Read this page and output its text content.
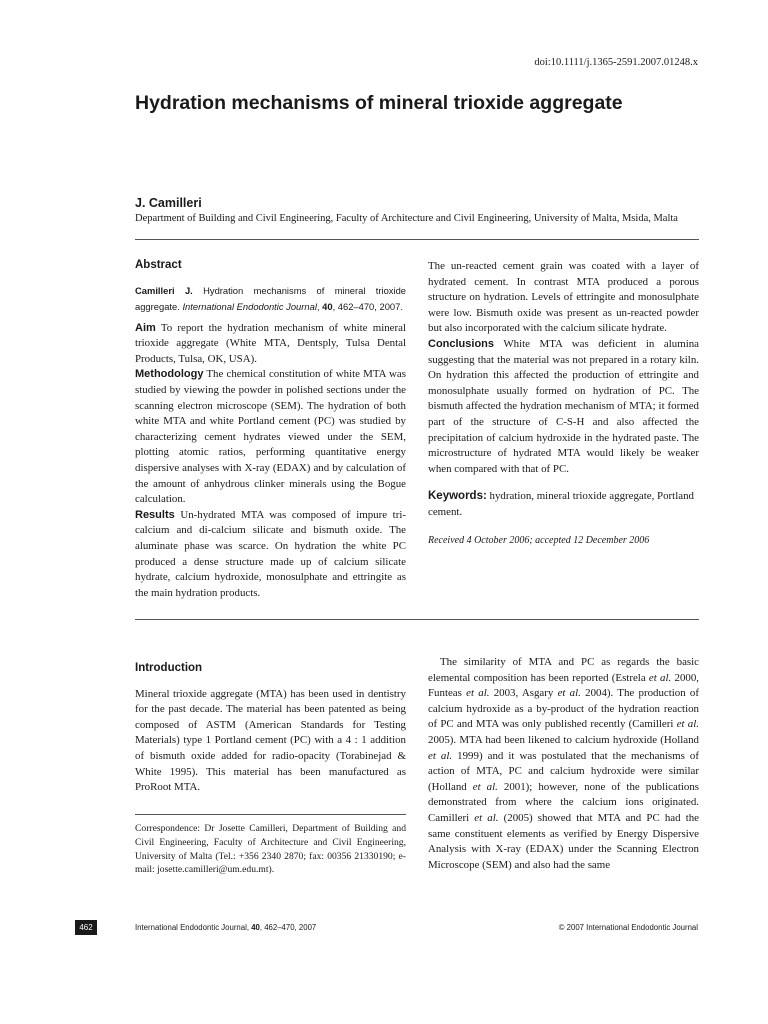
doi:10.1111/j.1365-2591.2007.01248.x
Hydration mechanisms of mineral trioxide aggregate
J. Camilleri
Department of Building and Civil Engineering, Faculty of Architecture and Civil Engineering, University of Malta, Msida, Malta
Abstract

Camilleri J. Hydration mechanisms of mineral trioxide aggregate. International Endodontic Journal, 40, 462–470, 2007.

Aim To report the hydration mechanism of white mineral trioxide aggregate (White MTA, Dentsply, Tulsa Dental Products, Tulsa, OK, USA).

Methodology The chemical constitution of white MTA was studied by viewing the powder in polished sections under the scanning electron microscope (SEM). The hydration of both white MTA and white Portland cement (PC) was studied by characterizing cement hydrates viewed under the SEM, plotting atomic ratios, performing quantitative energy dispersive analyses with X-ray (EDAX) and by calculation of the amount of anhydrous clinker minerals using the Bogue calculation.

Results Un-hydrated MTA was composed of impure tri-calcium and di-calcium silicate and bismuth oxide. The aluminate phase was scarce. On hydration the white PC produced a dense structure made up of calcium silicate hydrate, calcium hydroxide, monosulphate and ettringite as the main hydration products.

The un-reacted cement grain was coated with a layer of hydrated cement. In contrast MTA produced a porous structure on hydration. Levels of ettringite and monosulphate were low. Bismuth oxide was present as un-reacted powder but also incorporated with the calcium silicate hydrate.

Conclusions White MTA was deficient in alumina suggesting that the material was not prepared in a rotary kiln. On hydration this affected the production of ettringite and monosulphate usually formed on hydration of PC. The bismuth affected the hydration mechanism of MTA; it formed part of the structure of C-S-H and also affected the precipitation of calcium hydroxide in the hydrated paste. The microstructure of hydrated MTA would likely be weaker when compared with that of PC.

Keywords: hydration, mineral trioxide aggregate, Portland cement.

Received 4 October 2006; accepted 12 December 2006

Introduction

Mineral trioxide aggregate (MTA) has been used in dentistry for the past decade. The material has been patented as being composed of ASTM (American Standards for Testing Materials) type 1 Portland cement (PC) with a 4 : 1 addition of bismuth oxide added for radio-opacity (Torabinejad & White 1995). This material has been manufactured as ProRoot MTA.

Correspondence: Dr Josette Camilleri, Department of Building and Civil Engineering, Faculty of Architecture and Civil Engineering, University of Malta (Tel.: +356 2340 2870; fax: 00356 21330190; e-mail: josette.camilleri@um.edu.mt).

The similarity of MTA and PC as regards the basic elemental composition has been reported (Estrela et al. 2000, Funteas et al. 2003, Asgary et al. 2004). The production of calcium hydroxide as a by-product of the hydration reaction of PC and MTA was only published recently (Camilleri et al. 2005). MTA had been likened to calcium hydroxide (Holland et al. 1999) and it was postulated that the mechanisms of action of MTA, PC and calcium hydroxide were similar (Holland et al. 2001); however, none of the publications demonstrated from where the calcium ions originated. Camilleri et al. (2005) showed that MTA and PC had the same constituent elements as verified by Energy Dispersive Analysis with X-ray (EDAX) under the Scanning Electron Microscope (SEM) and also had the same

462	International Endodontic Journal, 40, 462–470, 2007	© 2007 International Endodontic Journal
